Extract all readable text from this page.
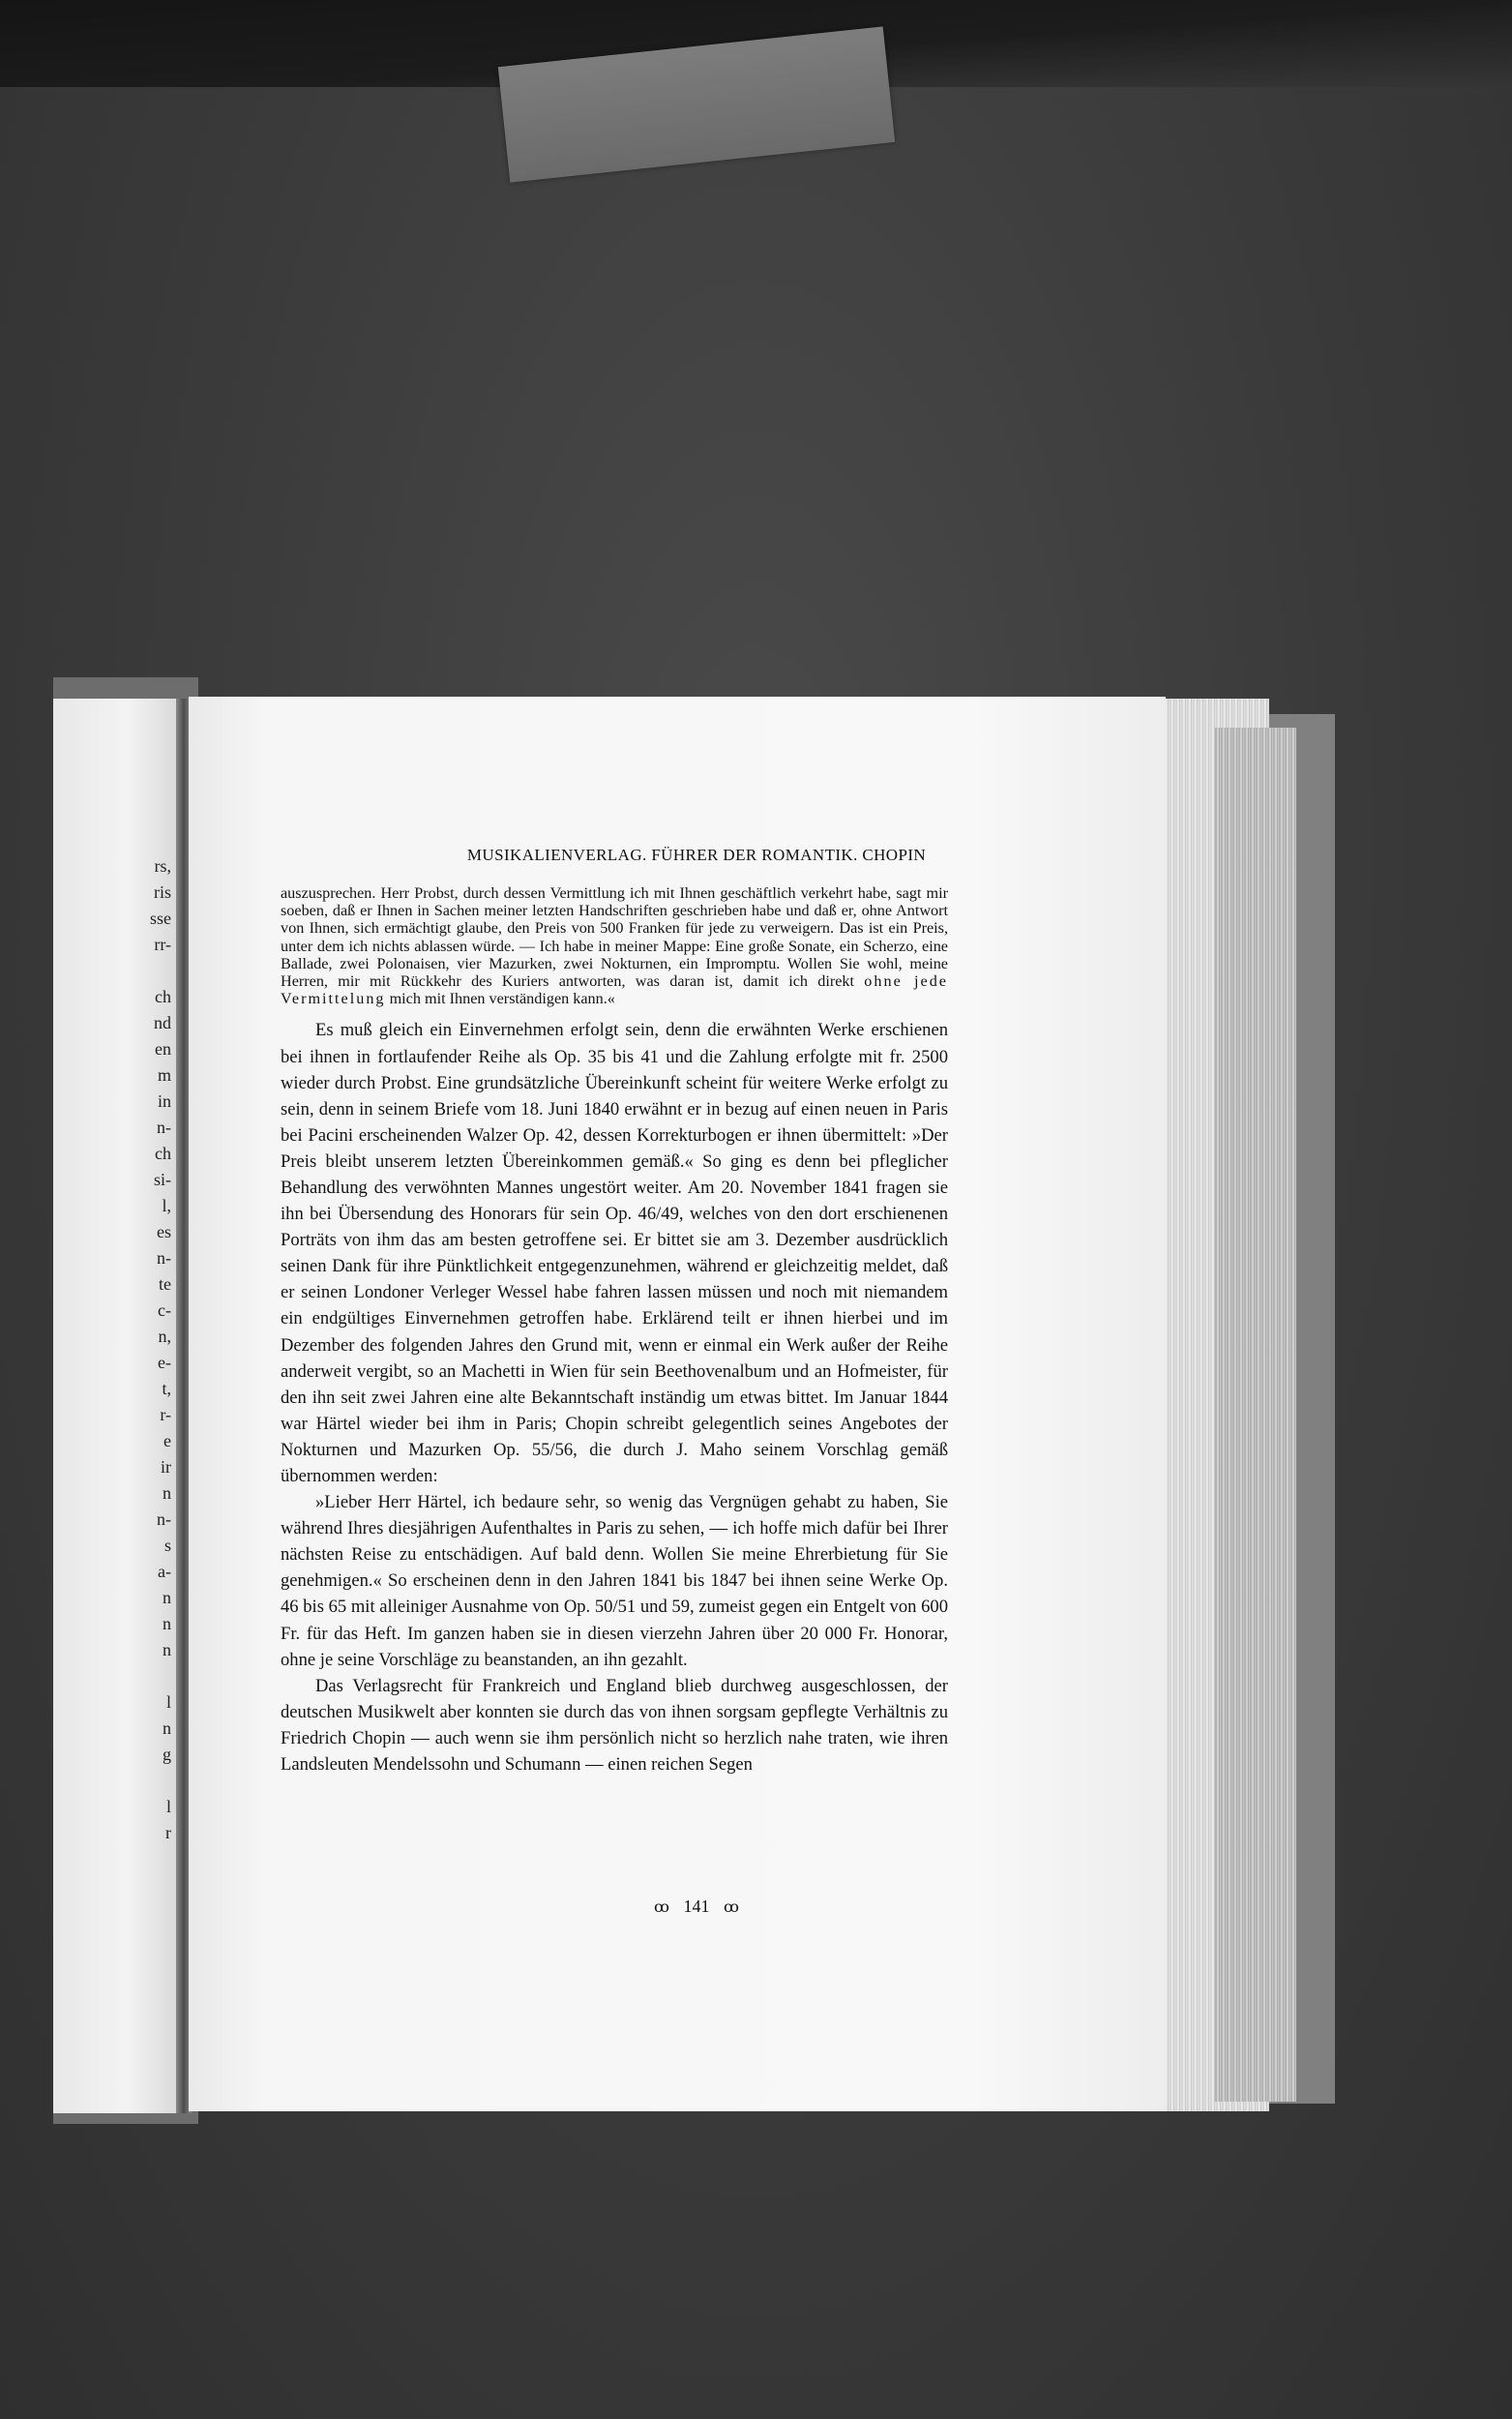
rs,
ris
sse
rr-
ch
nd
en
m
in
n-
ch
si-
l,
es
n-
te
c-
n,
e-
t,
r-
e
ir
n
n-
s
a-
n
n
n
l
n
g
l
r
MUSIKALIENVERLAG. FÜHRER DER ROMANTIK. CHOPIN

auszusprechen. Herr Probst, durch dessen Vermittlung ich mit Ihnen geschäftlich verkehrt habe, sagt mir soeben, daß er Ihnen in Sachen meiner letzten Handschriften geschrieben habe und daß er, ohne Antwort von Ihnen, sich ermächtigt glaube, den Preis von 500 Franken für jede zu verweigern. Das ist ein Preis, unter dem ich nichts ablassen würde. — Ich habe in meiner Mappe: Eine große Sonate, ein Scherzo, eine Ballade, zwei Polonaisen, vier Mazurken, zwei Nokturnen, ein Impromptu. Wollen Sie wohl, meine Herren, mir mit Rückkehr des Kuriers antworten, was daran ist, damit ich direkt ohne jede Vermittelung mich mit Ihnen verständigen kann.«

Es muß gleich ein Einvernehmen erfolgt sein, denn die erwähnten Werke erschienen bei ihnen in fortlaufender Reihe als Op. 35 bis 41 und die Zahlung erfolgte mit fr. 2500 wieder durch Probst. Eine grundsätzliche Übereinkunft scheint für weitere Werke erfolgt zu sein, denn in seinem Briefe vom 18. Juni 1840 erwähnt er in bezug auf einen neuen in Paris bei Pacini erscheinenden Walzer Op. 42, dessen Korrekturbogen er ihnen übermittelt: »Der Preis bleibt unserem letzten Übereinkommen gemäß.« So ging es denn bei pfleglicher Behandlung des verwöhnten Mannes ungestört weiter. Am 20. November 1841 fragen sie ihn bei Übersendung des Honorars für sein Op. 46/49, welches von den dort erschienenen Porträts von ihm das am besten getroffene sei. Er bittet sie am 3. Dezember ausdrücklich seinen Dank für ihre Pünktlichkeit entgegenzunehmen, während er gleichzeitig meldet, daß er seinen Londoner Verleger Wessel habe fahren lassen müssen und noch mit niemandem ein endgültiges Einvernehmen getroffen habe. Erklärend teilt er ihnen hierbei und im Dezember des folgenden Jahres den Grund mit, wenn er einmal ein Werk außer der Reihe anderweit vergibt, so an Machetti in Wien für sein Beethovenalbum und an Hofmeister, für den ihn seit zwei Jahren eine alte Bekanntschaft inständig um etwas bittet. Im Januar 1844 war Härtel wieder bei ihm in Paris; Chopin schreibt gelegentlich seines Angebotes der Nokturnen und Mazurken Op. 55/56, die durch J. Maho seinem Vorschlag gemäß übernommen werden:

»Lieber Herr Härtel, ich bedaure sehr, so wenig das Vergnügen gehabt zu haben, Sie während Ihres diesjährigen Aufenthaltes in Paris zu sehen, — ich hoffe mich dafür bei Ihrer nächsten Reise zu entschädigen. Auf bald denn. Wollen Sie meine Ehrerbietung für Sie genehmigen.« So erscheinen denn in den Jahren 1841 bis 1847 bei ihnen seine Werke Op. 46 bis 65 mit alleiniger Ausnahme von Op. 50/51 und 59, zumeist gegen ein Entgelt von 600 Fr. für das Heft. Im ganzen haben sie in diesen vierzehn Jahren über 20 000 Fr. Honorar, ohne je seine Vorschläge zu beanstanden, an ihn gezahlt.

Das Verlagsrecht für Frankreich und England blieb durchweg ausgeschlossen, der deutschen Musikwelt aber konnten sie durch das von ihnen sorgsam gepflegte Verhältnis zu Friedrich Chopin — auch wenn sie ihm persönlich nicht so herzlich nahe traten, wie ihren Landsleuten Mendelssohn und Schumann — einen reichen Segen

ꝏ 141 ꝏ
